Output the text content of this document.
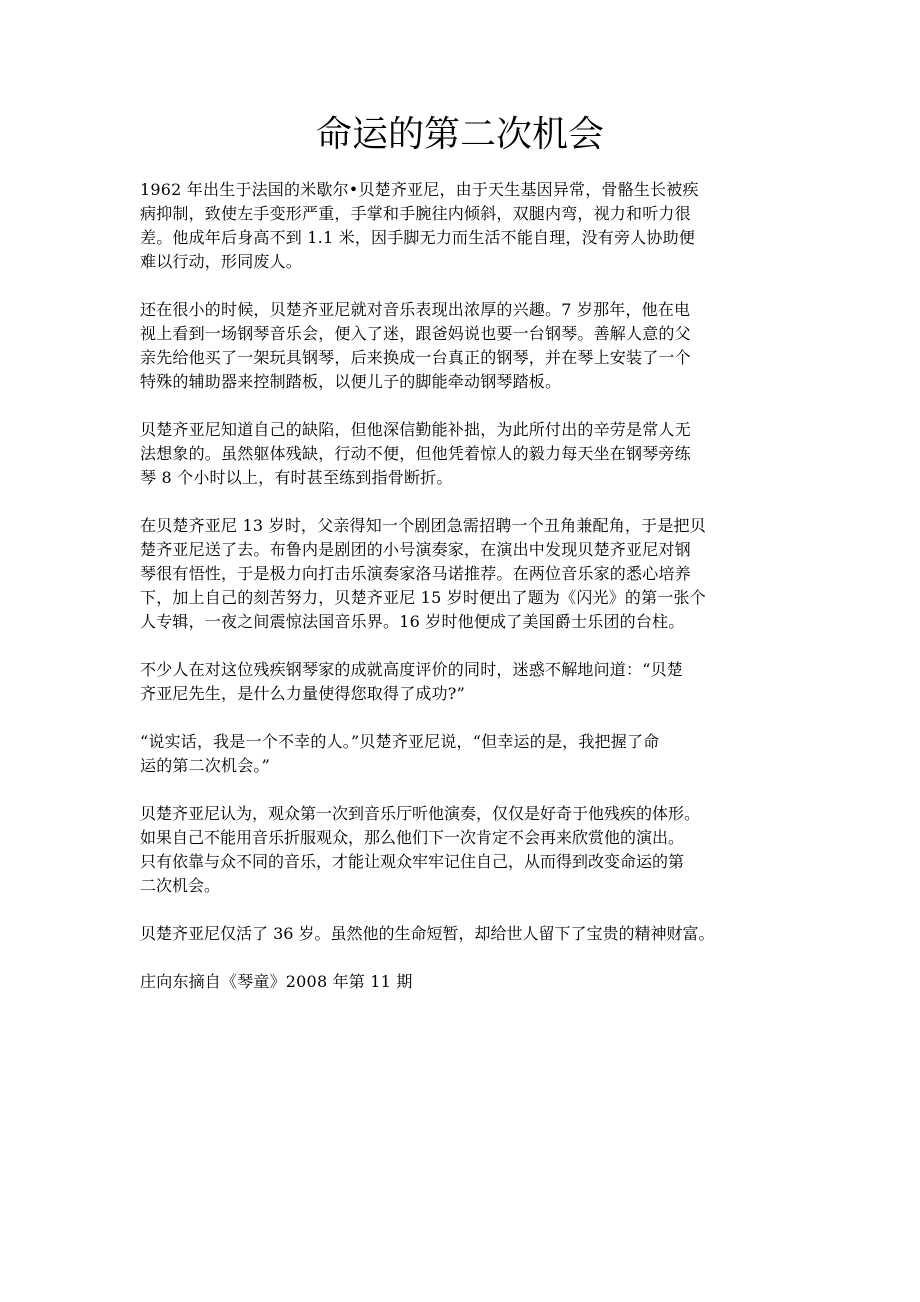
命运的第二次机会

1962 年出生于法国的米歇尔•贝楚齐亚尼，由于天生基因异常，骨骼生长被疾
病抑制，致使左手变形严重，手掌和手腕往内倾斜，双腿内弯，视力和听力很
差。他成年后身高不到 1.1 米，因手脚无力而生活不能自理，没有旁人协助便
难以行动，形同废人。

还在很小的时候，贝楚齐亚尼就对音乐表现出浓厚的兴趣。7 岁那年，他在电
视上看到一场钢琴音乐会，便入了迷，跟爸妈说也要一台钢琴。善解人意的父
亲先给他买了一架玩具钢琴，后来换成一台真正的钢琴，并在琴上安装了一个
特殊的辅助器来控制踏板，以便儿子的脚能牵动钢琴踏板。

贝楚齐亚尼知道自己的缺陷，但他深信勤能补拙，为此所付出的辛劳是常人无
法想象的。虽然躯体残缺，行动不便，但他凭着惊人的毅力每天坐在钢琴旁练
琴 8 个小时以上，有时甚至练到指骨断折。

在贝楚齐亚尼 13 岁时，父亲得知一个剧团急需招聘一个丑角兼配角，于是把贝
楚齐亚尼送了去。布鲁内是剧团的小号演奏家，在演出中发现贝楚齐亚尼对钢
琴很有悟性，于是极力向打击乐演奏家洛马诺推荐。在两位音乐家的悉心培养
下，加上自己的刻苦努力，贝楚齐亚尼 15 岁时便出了题为《闪光》的第一张个
人专辑，一夜之间震惊法国音乐界。16 岁时他便成了美国爵士乐团的台柱。

不少人在对这位残疾钢琴家的成就高度评价的同时，迷惑不解地问道：“贝楚
齐亚尼先生，是什么力量使得您取得了成功?”

“说实话，我是一个不幸的人。”贝楚齐亚尼说，“但幸运的是，我把握了命
运的第二次机会。”

贝楚齐亚尼认为，观众第一次到音乐厅听他演奏，仅仅是好奇于他残疾的体形。
如果自己不能用音乐折服观众，那么他们下一次肯定不会再来欣赏他的演出。
只有依靠与众不同的音乐，才能让观众牢牢记住自己，从而得到改变命运的第
二次机会。

贝楚齐亚尼仅活了 36 岁。虽然他的生命短暂，却给世人留下了宝贵的精神财富。

庄向东摘自《琴童》2008 年第 11 期
